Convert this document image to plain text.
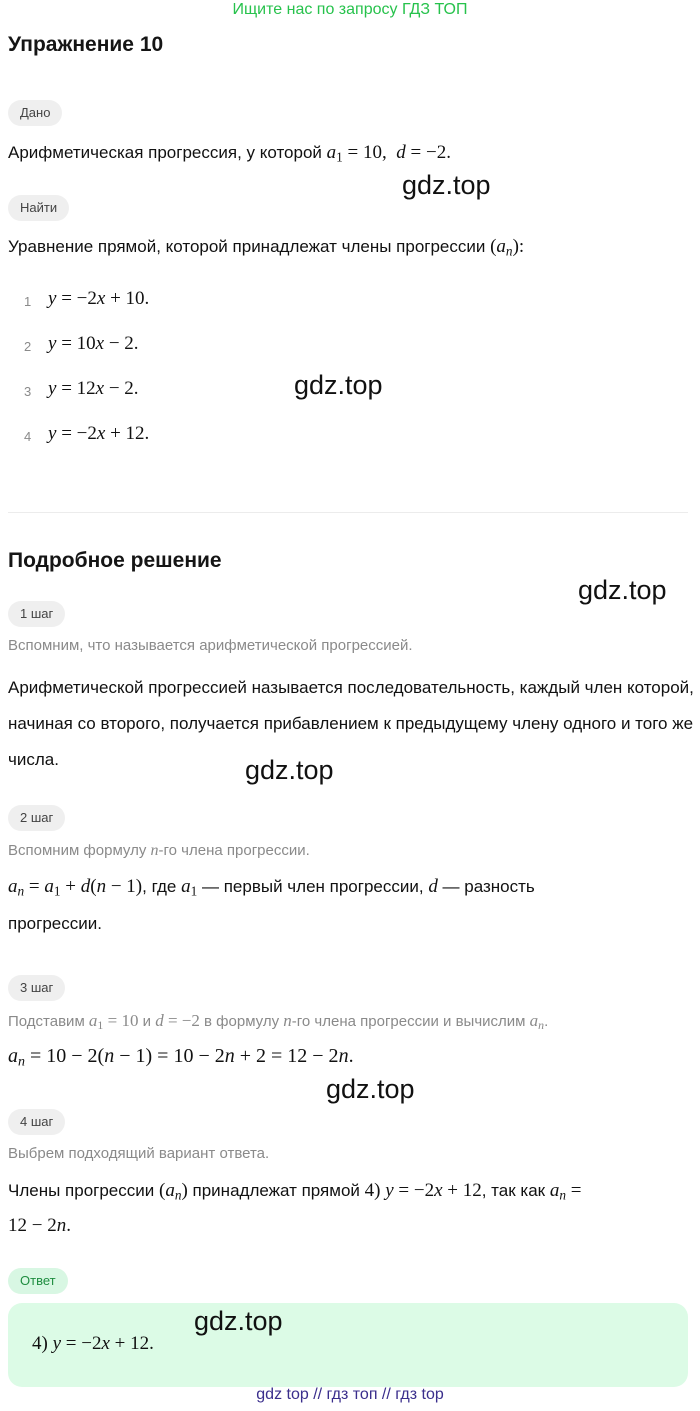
Ищите нас по запросу ГДЗ ТОП
Упражнение 10
Дано
Арифметическая прогрессия, у которой $a_1 = 10$,  d = −2.
Найти
Уравнение прямой, которой принадлежат члены прогрессии $(a_n)$:
1 y = −2x + 10.
2 y = 10x − 2.
3 y = 12x − 2.
4 y = −2x + 12.
Подробное решение
1 шаг
Вспомним, что называется арифметической прогрессией.
Арифметической прогрессией называется последовательность, каждый член которой, начиная со второго, получается прибавлением к предыдущему члену одного и того же числа.
2 шаг
Вспомним формулу n-го члена прогрессии.
$a_n = a_1 + d(n - 1)$, где $a_1$ — первый член прогрессии, d — разность
прогрессии.
3 шаг
Подставим $a_1 = 10$ и d = −2 в формулу n-го члена прогрессии и вычислим $a_n$.
$a_n = 10 - 2(n - 1) = 10 - 2n + 2 = 12 - 2n$.
4 шаг
Выбрем подходящий вариант ответа.
Члены прогрессии $(a_n)$ принадлежат прямой 4) y = −2x + 12, так как $a_n$ =
12 − 2n.
Ответ
4) y = −2x + 12.
gdz.top
gdz.top
gdz.top
gdz.top
gdz.top
gdz.top
gdz top // гдз топ // гдз top
